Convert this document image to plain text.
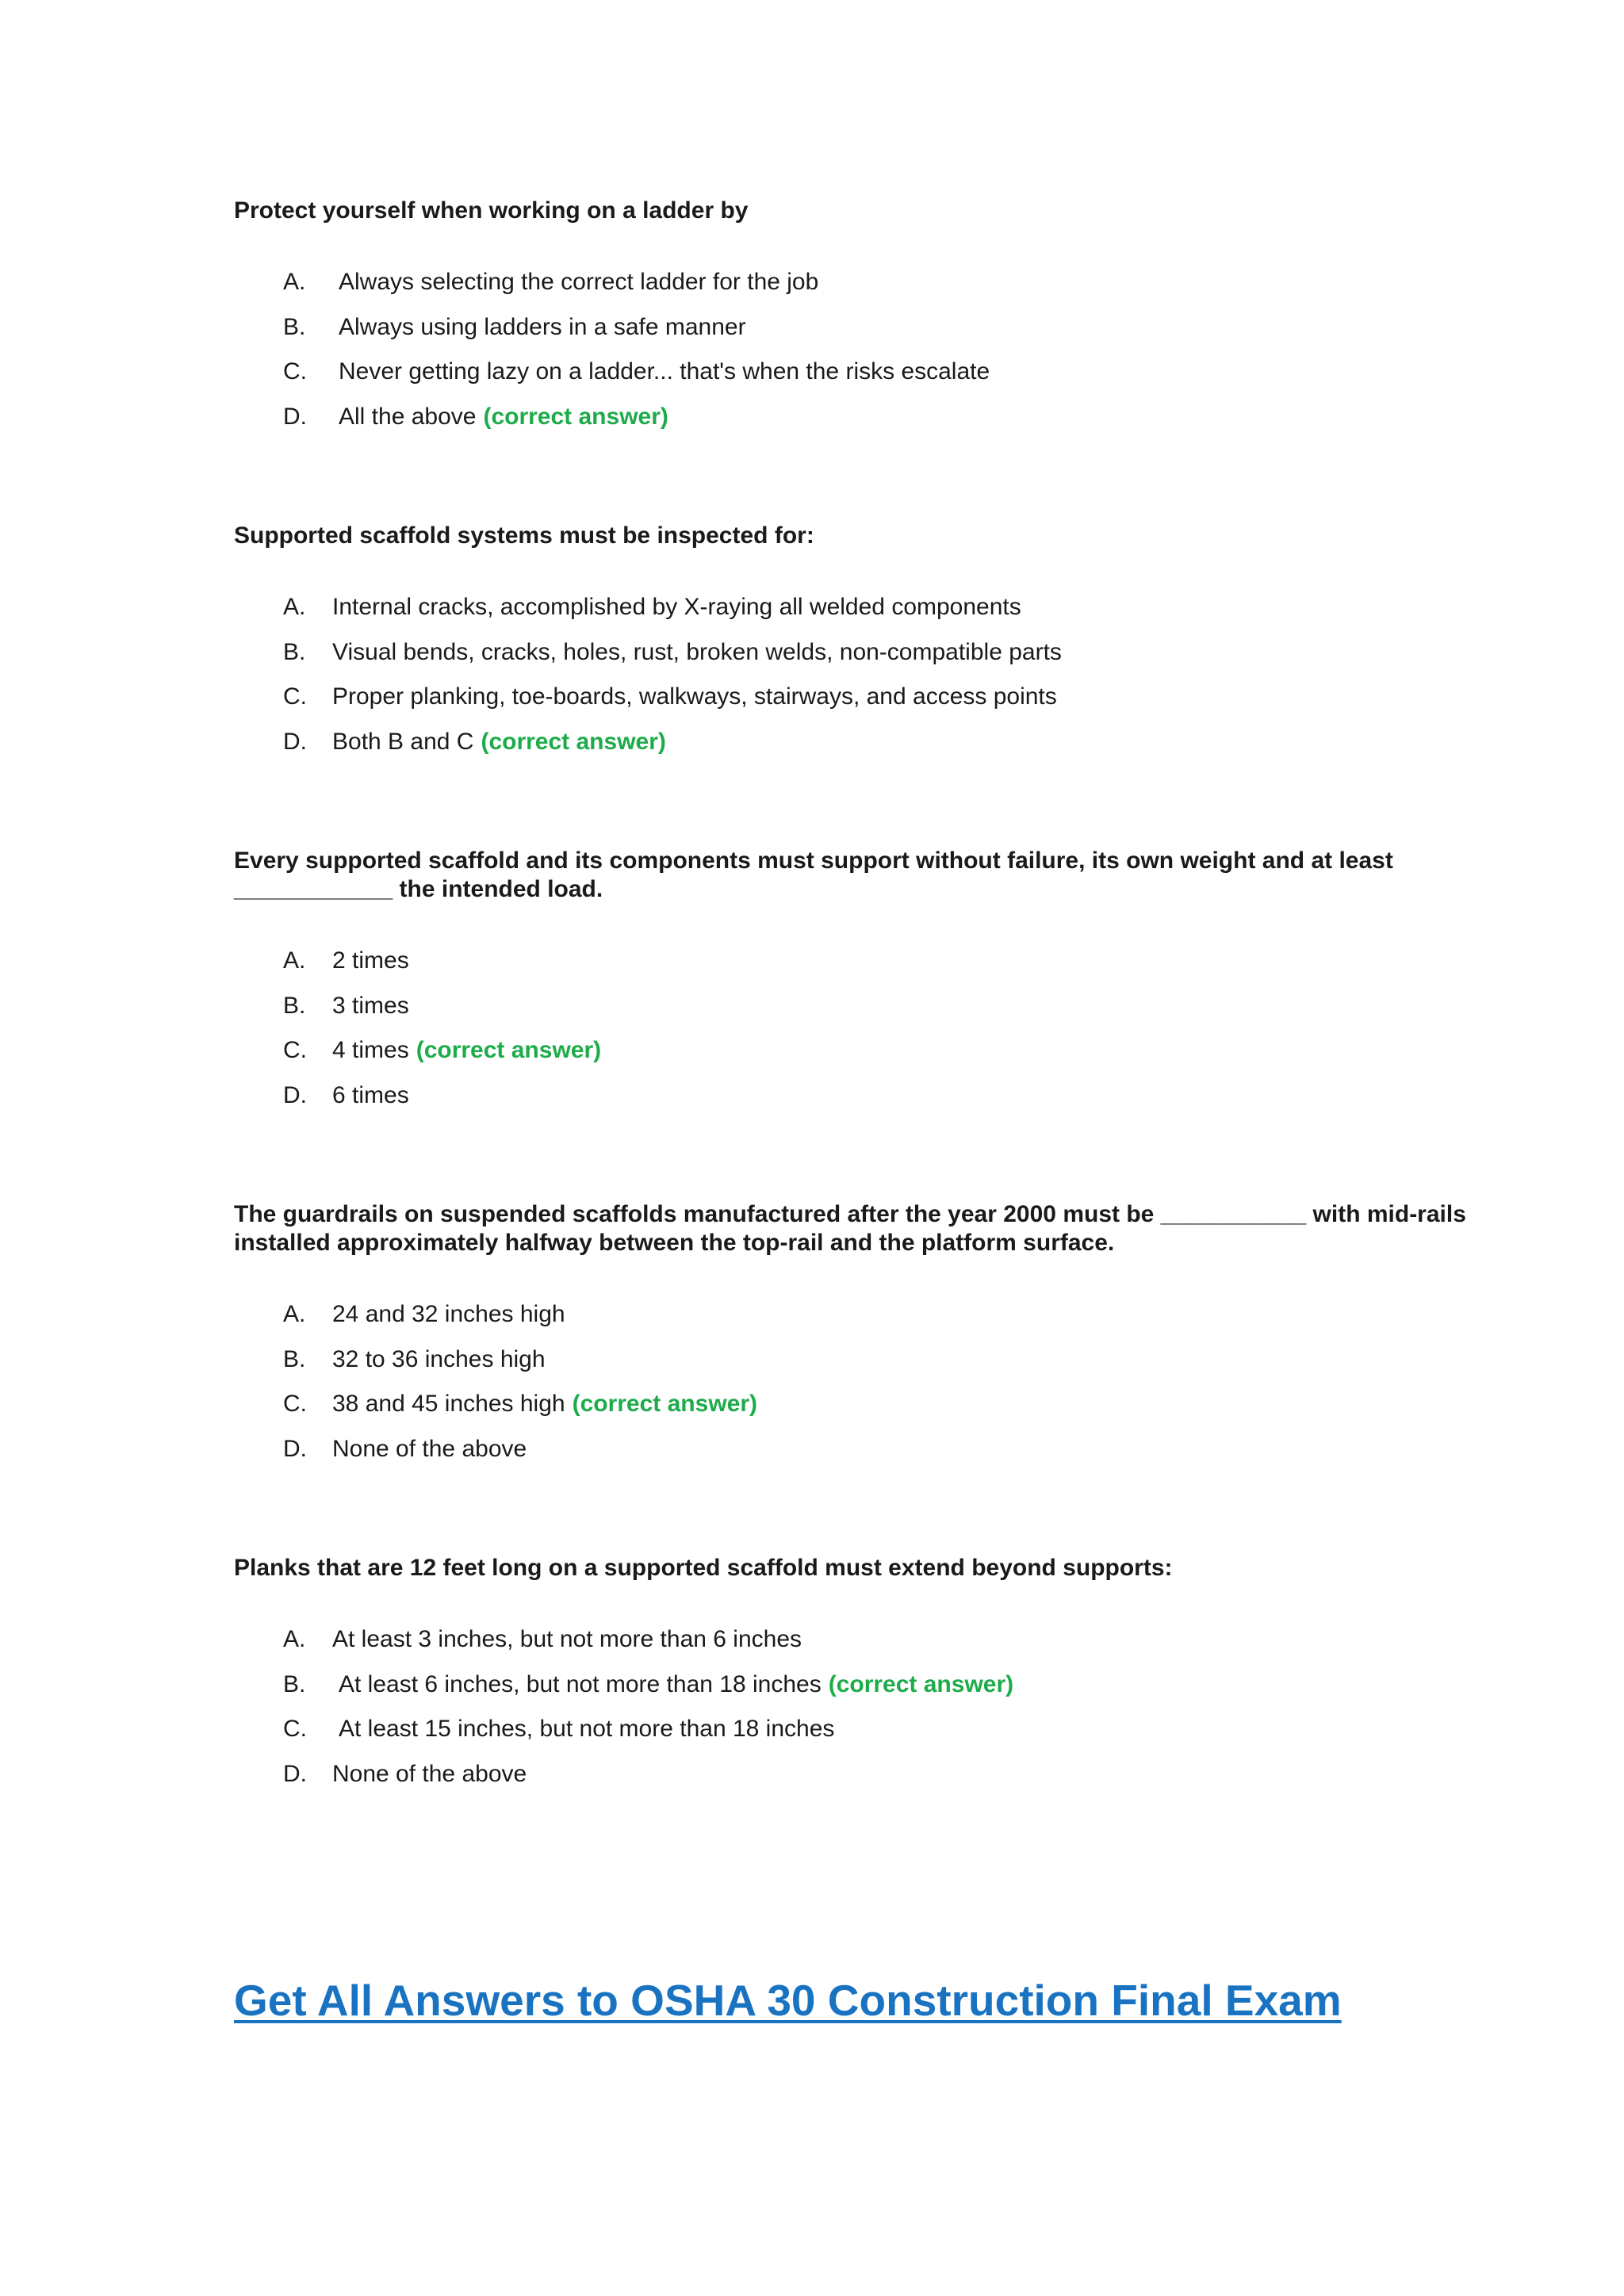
Protect yourself when working on a ladder by

A.	Always selecting the correct ladder for the job
B.	Always using ladders in a safe manner
C.	Never getting lazy on a ladder... that's when the risks escalate
D.	All the above (correct answer)

Supported scaffold systems must be inspected for:

A.	Internal cracks, accomplished by X-raying all welded components
B.	Visual bends, cracks, holes, rust, broken welds, non-compatible parts
C.	Proper planking, toe-boards, walkways, stairways, and access points
D.	Both B and C (correct answer)

Every supported scaffold and its components must support without failure, its own weight and at least ____________ the intended load.

A.	2 times
B.	3 times
C.	4 times (correct answer)
D.	6 times

The guardrails on suspended scaffolds manufactured after the year 2000 must be ___________ with mid-rails installed approximately halfway between the top-rail and the platform surface.

A.	24 and 32 inches high
B.	32 to 36 inches high
C.	38 and 45 inches high (correct answer)
D.	None of the above

Planks that are 12 feet long on a supported scaffold must extend beyond supports:

A.	At least 3 inches, but not more than 6 inches
B.	At least 6 inches, but not more than 18 inches (correct answer)
C.	At least 15 inches, but not more than 18 inches
D.	None of the above
Get All Answers to OSHA 30 Construction Final Exam
